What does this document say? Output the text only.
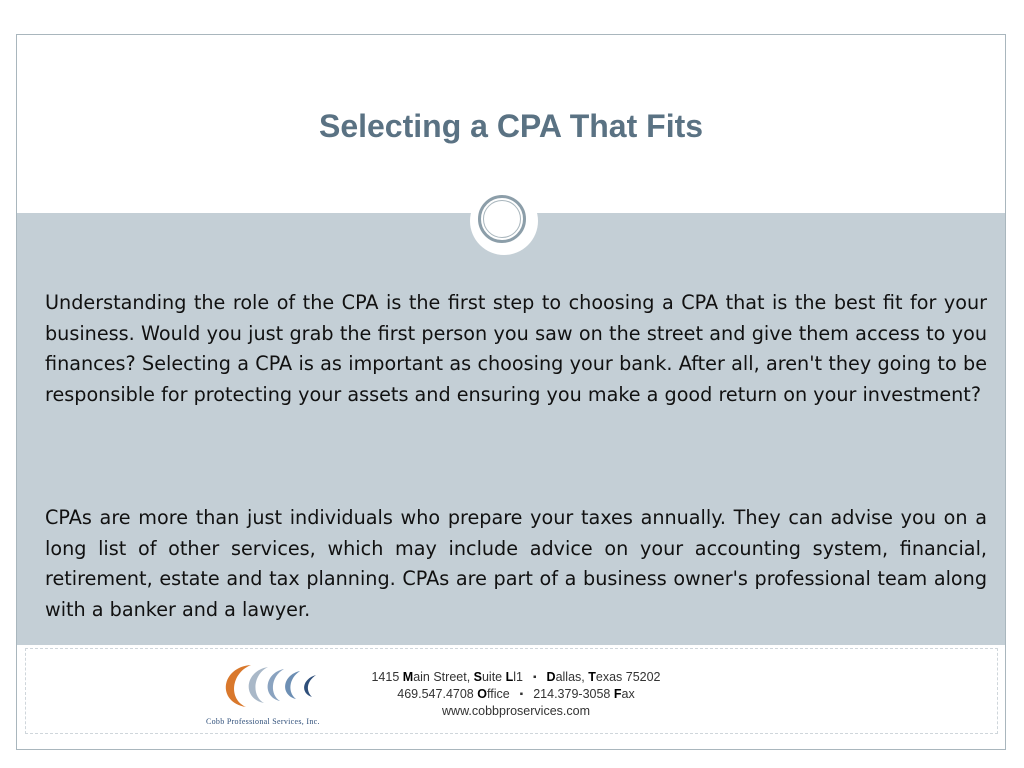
Selecting a CPA That Fits

Understanding the role of the CPA is the first step to choosing a CPA that is the best fit for your business. Would you just grab the first person you saw on the street and give them access to you finances? Selecting a CPA is as important as choosing your bank. After all, aren't they going to be responsible for protecting your assets and ensuring you make a good return on your investment?

CPAs are more than just individuals who prepare your taxes annually. They can advise you on a long list of other services, which may include advice on your accounting system, financial, retirement, estate and tax planning. CPAs are part of a business owner's professional team along with a banker and a lawyer.

Cobb Professional Services, Inc.
1415 Main Street, Suite Ll1 ▪ Dallas, Texas 75202
469.547.4708 Office ▪ 214.379-3058 Fax
www.cobbproservices.com
